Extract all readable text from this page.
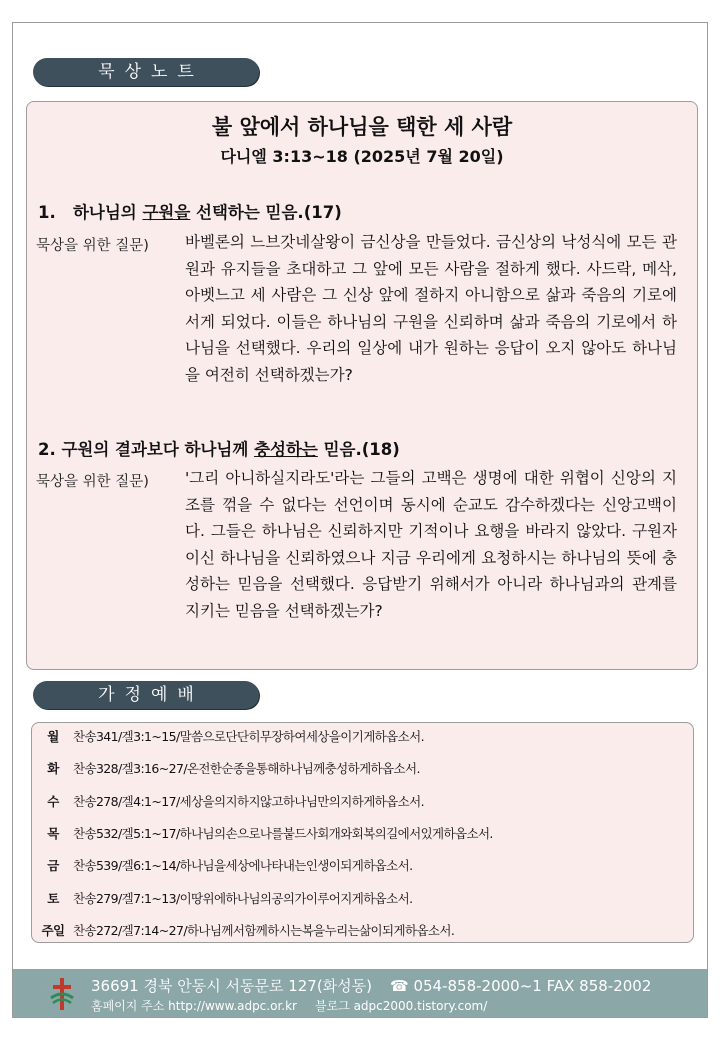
묵상노트
불 앞에서 하나님을 택한 세 사람
다니엘 3:13~18 (2025년 7월 20일)
1.   하나님의 구원을 선택하는 믿음.(17)
묵상을 위한 질문) 바벨론의 느브갓네살왕이 금신상을 만들었다. 금신상의 낙성식에 모든 관원과 유지들을 초대하고 그 앞에 모든 사람을 절하게 했다. 사드락, 메삭, 아벳느고 세 사람은 그 신상 앞에 절하지 아니함으로 삶과 죽음의 기로에 서게 되었다. 이들은 하나님의 구원을 신뢰하며 삶과 죽음의 기로에서 하나님을 선택했다. 우리의 일상에 내가 원하는 응답이 오지 않아도 하나님을 여전히 선택하겠는가?
2. 구원의 결과보다 하나님께 충성하는 믿음.(18)
묵상을 위한 질문) '그리 아니하실지라도'라는 그들의 고백은 생명에 대한 위협이 신앙의 지조를 꺾을 수 없다는 선언이며 동시에 순교도 감수하겠다는 신앙고백이다. 그들은 하나님은 신뢰하지만 기적이나 요행을 바라지 않았다. 구원자이신 하나님을 신뢰하였으나 지금 우리에게 요청하시는 하나님의 뜻에 충성하는 믿음을 선택했다. 응답받기 위해서가 아니라 하나님과의 관계를 지키는 믿음을 선택하겠는가?
가정예배
월	찬송341/겔3:1~15/말씀으로단단히무장하여세상을이기게하옵소서.
화	찬송328/겔3:16~27/온전한순종을통해하나님께충성하게하옵소서.
수	찬송278/겔4:1~17/세상을의지하지않고하나님만의지하게하옵소서.
목	찬송532/겔5:1~17/하나님의손으로나를붙드사회개와회복의길에서있게하옵소서.
금	찬송539/겔6:1~14/하나님을세상에나타내는인생이되게하옵소서.
토	찬송279/겔7:1~13/이땅위에하나님의공의가이루어지게하옵소서.
주일 찬송272/겔7:14~27/하나님께서함께하시는복을누리는삶이되게하옵소서.
36691 경북 안동시 서동문로 127(화성동) ☎ 054-858-2000~1 FAX 858-2002
홈페이지 주소 http://www.adpc.or.kr 블로그 adpc2000.tistory.com/
